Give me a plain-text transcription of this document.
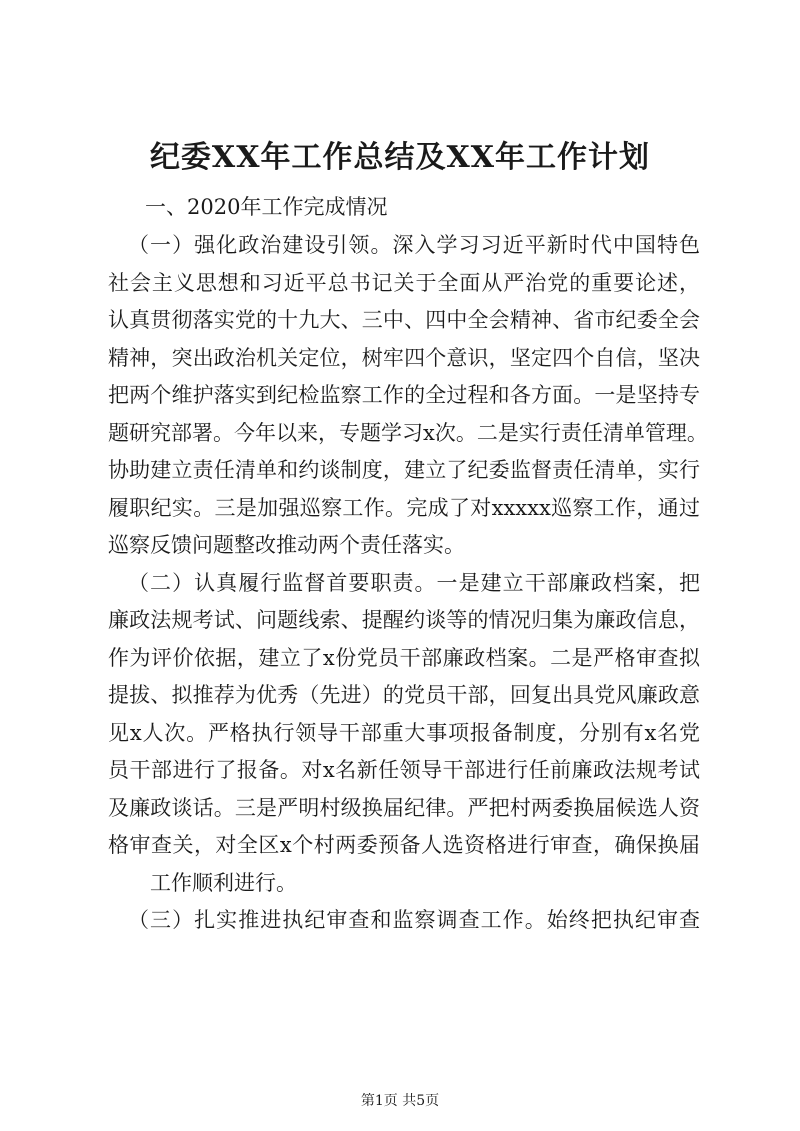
纪委XX年工作总结及XX年工作计划
一、2020年工作完成情况
（一）强化政治建设引领。深入学习习近平新时代中国特色
社会主义思想和习近平总书记关于全面从严治党的重要论述，
认真贯彻落实党的十九大、三中、四中全会精神、省市纪委全会
精神，突出政治机关定位，树牢四个意识，坚定四个自信，坚决
把两个维护落实到纪检监察工作的全过程和各方面。一是坚持专
题研究部署。今年以来，专题学习x次。二是实行责任清单管理。
协助建立责任清单和约谈制度，建立了纪委监督责任清单，实行
履职纪实。三是加强巡察工作。完成了对xxxxx巡察工作，通过
巡察反馈问题整改推动两个责任落实。
（二）认真履行监督首要职责。一是建立干部廉政档案，把
廉政法规考试、问题线索、提醒约谈等的情况归集为廉政信息，
作为评价依据，建立了x份党员干部廉政档案。二是严格审查拟
提拔、拟推荐为优秀（先进）的党员干部，回复出具党风廉政意
见x人次。严格执行领导干部重大事项报备制度，分别有x名党
员干部进行了报备。对x名新任领导干部进行任前廉政法规考试
及廉政谈话。三是严明村级换届纪律。严把村两委换届候选人资
格审查关，对全区x个村两委预备人选资格进行审查，确保换届
工作顺利进行。
（三）扎实推进执纪审查和监察调查工作。始终把执纪审查
第1页 共5页
